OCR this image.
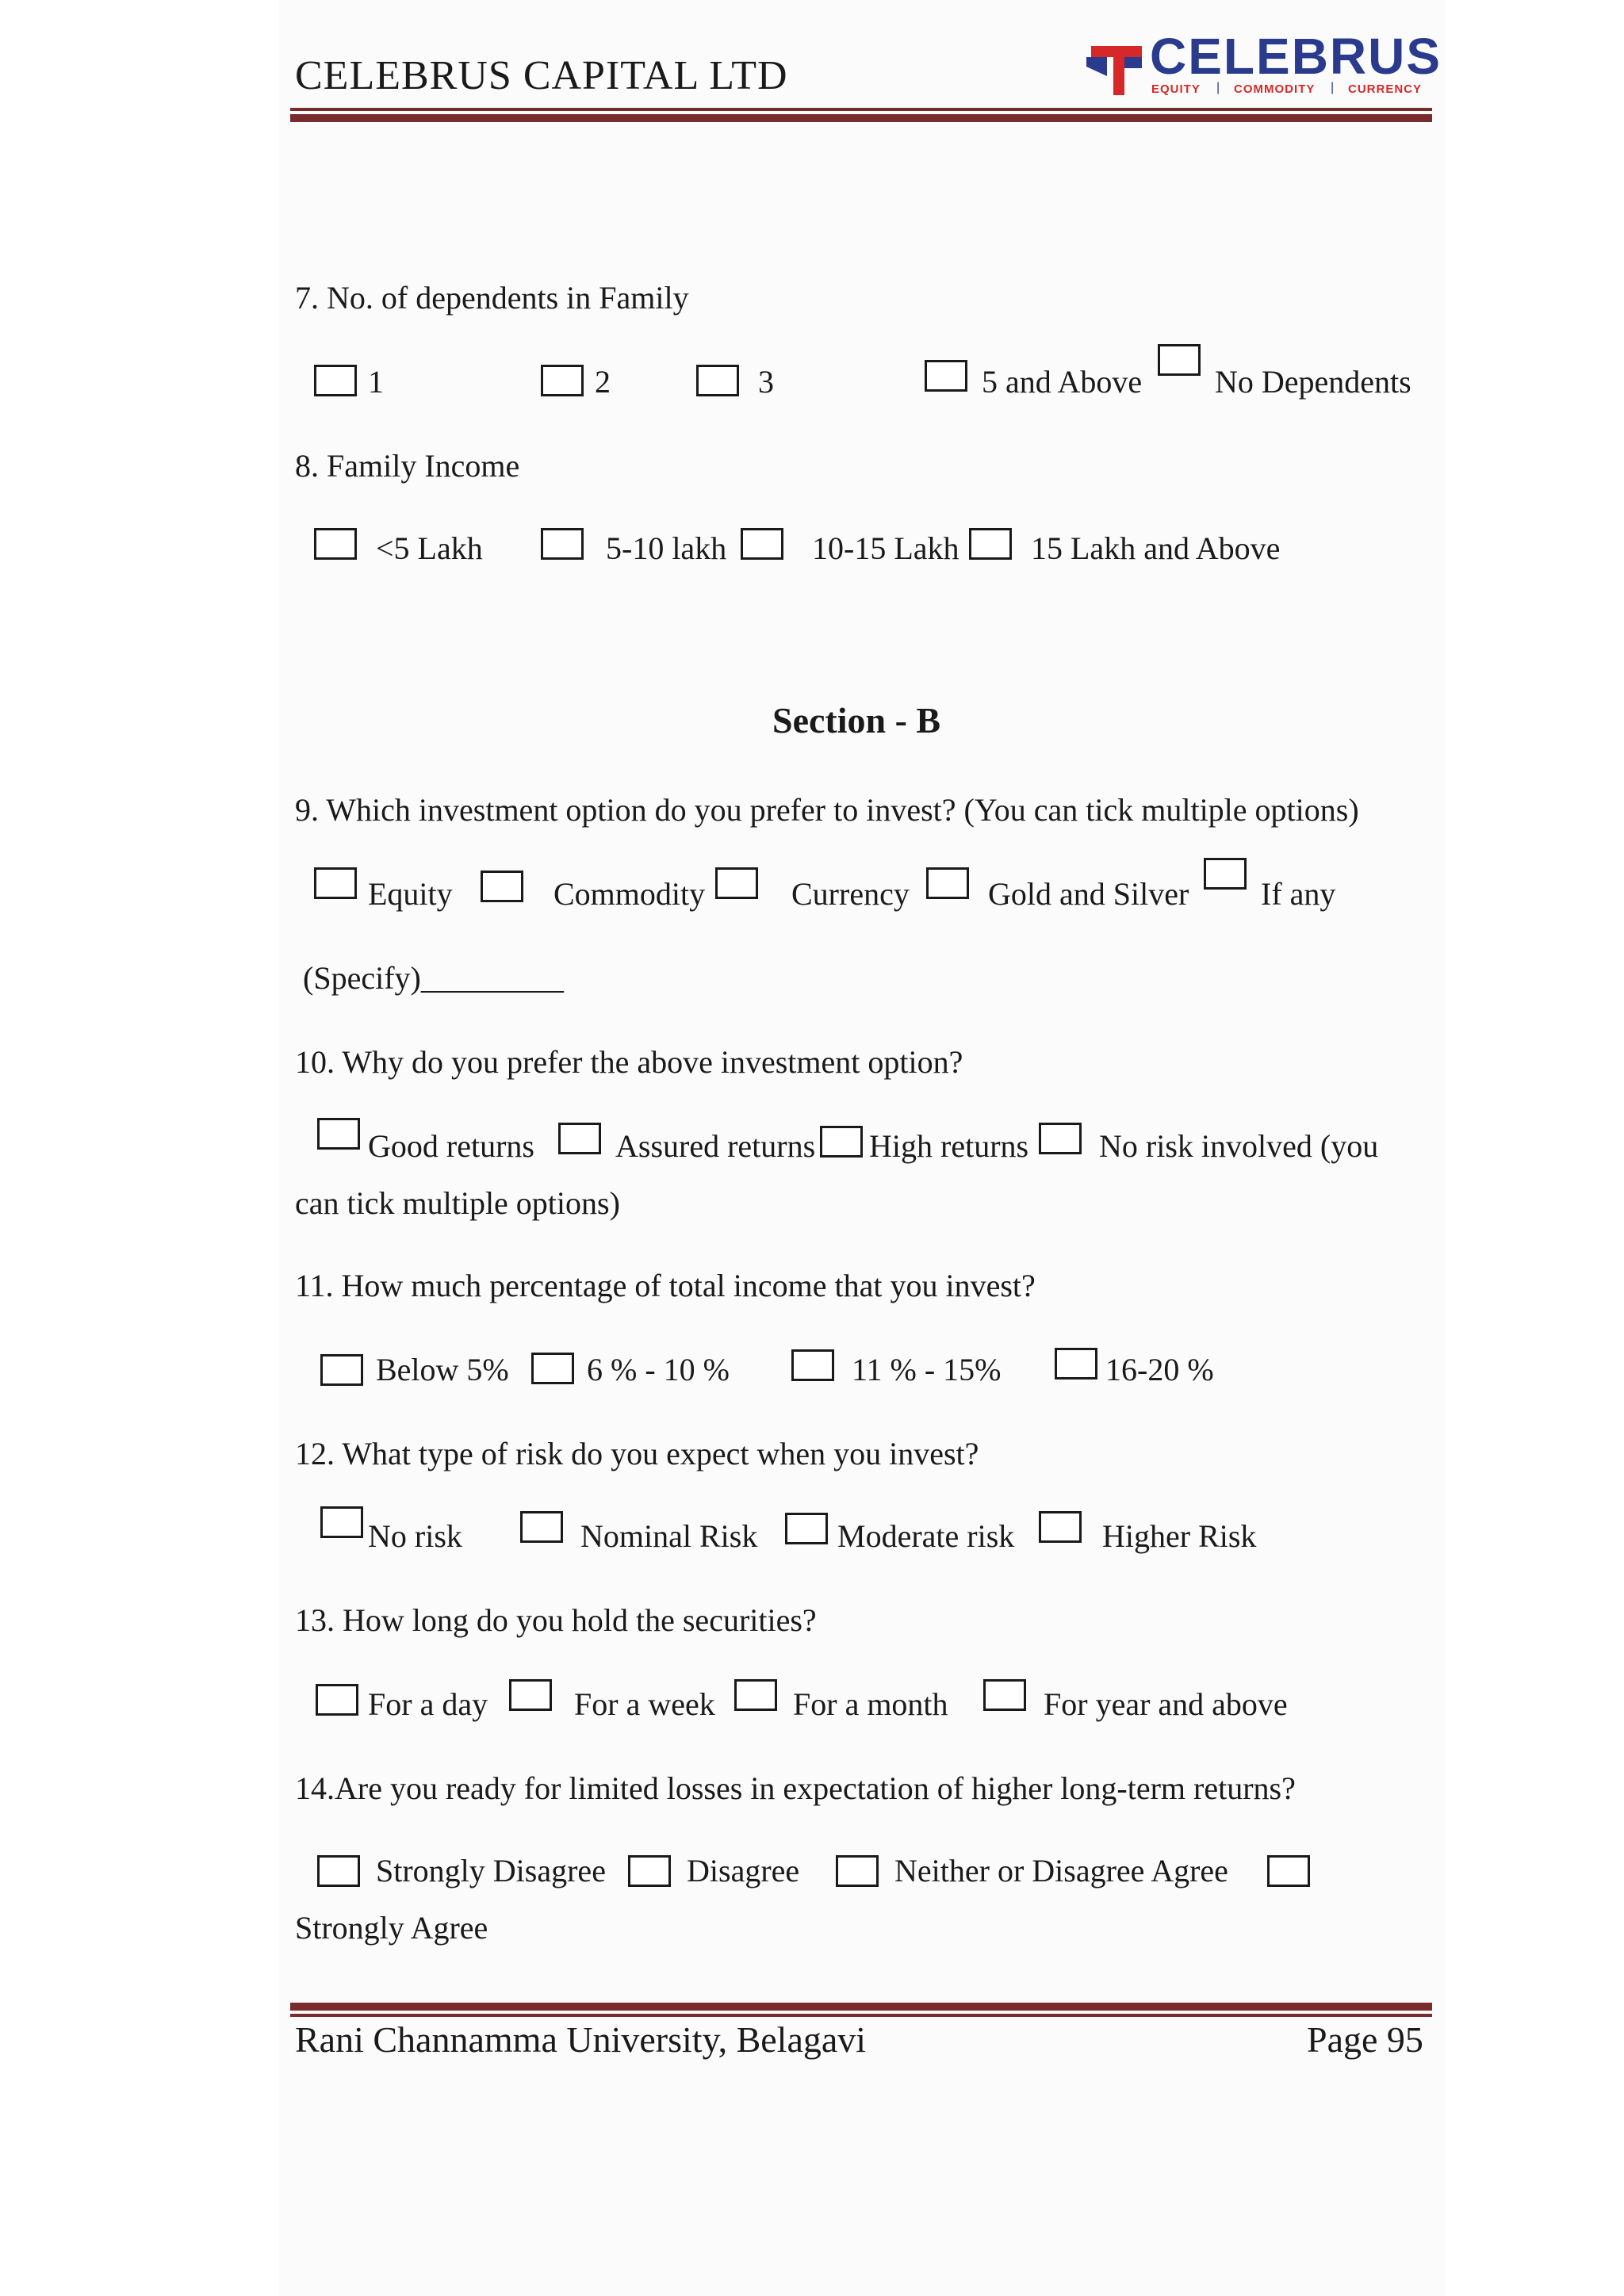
CELEBRUS CAPITAL LTD	CELEBRUS
EQUITY | COMMODITY | CURRENCY
7. No. of dependents in Family
1	2	3	5 and Above No Dependents
8. Family Income
<5 Lakh	5-10 lakh	10-15 Lakh 15 Lakh and Above
Section - B
9. Which investment option do you prefer to invest? (You can tick multiple options)
Equity	Commodity	Currency Gold and Silver If any
(Specify)_________
10. Why do you prefer the above investment option?
Good returns	Assured returns High returns No risk involved (you
can tick multiple options)
11. How much percentage of total income that you invest?
Below 5% 6 % - 10 %	11 % - 15%	16-20 %
12. What type of risk do you expect when you invest?
No risk	Nominal Risk	Moderate risk	Higher Risk
13. How long do you hold the securities?
For a day	For a week For a month	For year and above
14.Are you ready for limited losses in expectation of higher long-term returns?
Strongly Disagree	Disagree	Neither or Disagree Agree
Strongly Agree
Rani Channamma University, Belagavi	Page 95
